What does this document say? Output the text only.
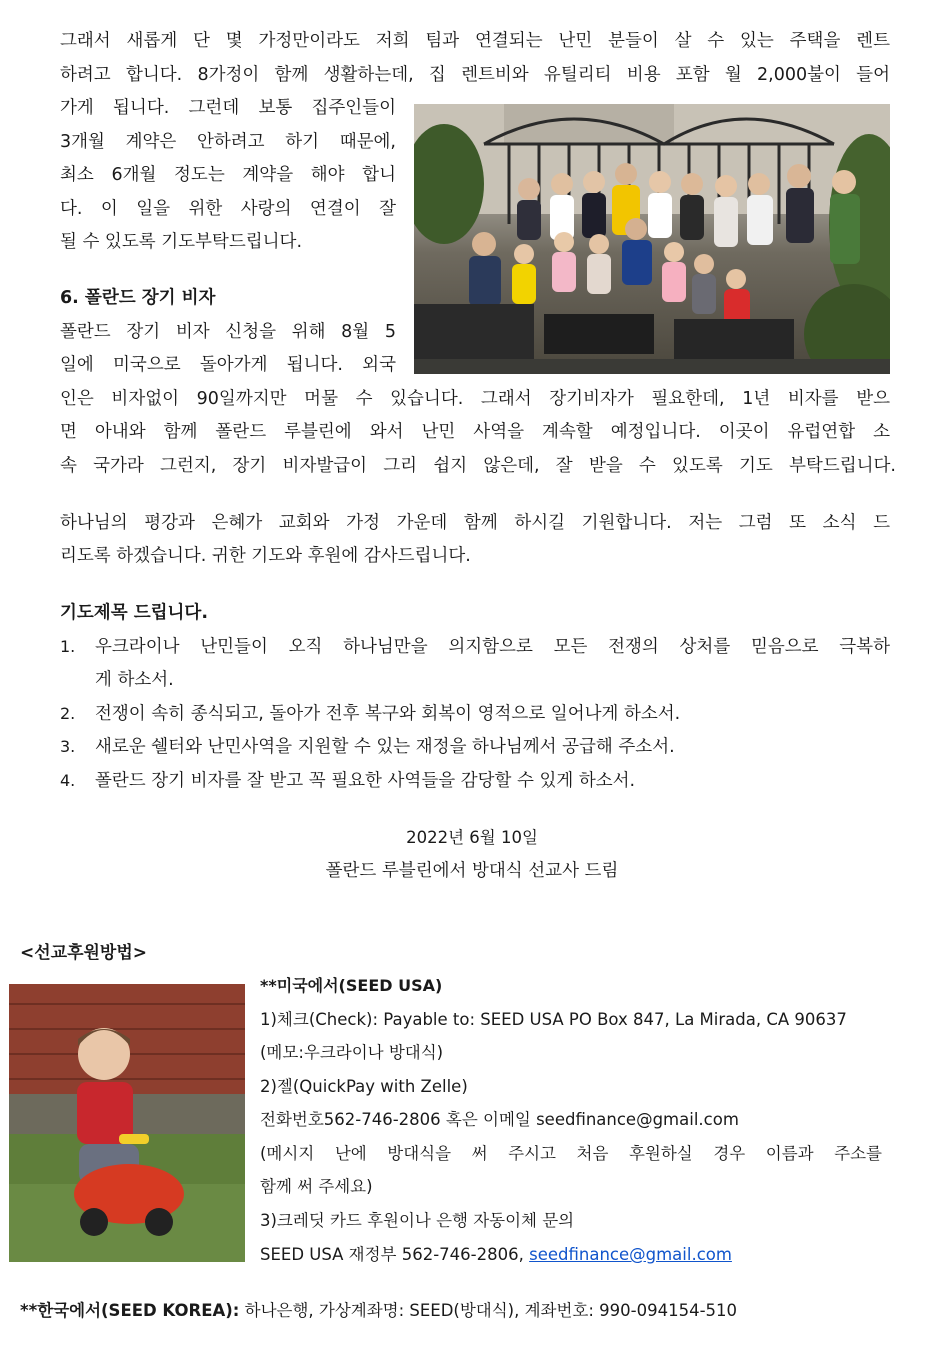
그래서 새롭게 단 몇 가정만이라도 저희 팀과 연결되는 난민 분들이 살 수 있는 주택을 렌트
하려고 합니다. 8가정이 함께 생활하는데, 집 렌트비와 유틸리티 비용 포함 월 2,000불이 들어
가게 됩니다. 그런데 보통 집주인들이
3개월 계약은 안하려고 하기 때문에,
최소 6개월 정도는 계약을 해야 합니
다. 이 일을 위한 사랑의 연결이 잘
될 수 있도록 기도부탁드립니다.
6. 폴란드 장기 비자
폴란드 장기 비자 신청을 위해 8월 5
일에 미국으로 돌아가게 됩니다. 외국
인은 비자없이 90일까지만 머물 수 있습니다. 그래서 장기비자가 필요한데, 1년 비자를 받으
면 아내와 함께 폴란드 루블린에 와서 난민 사역을 계속할 예정입니다. 이곳이 유럽연합 소
속 국가라 그런지, 장기 비자발급이 그리 쉽지 않은데, 잘 받을 수 있도록 기도 부탁드립니다.
하나님의 평강과 은혜가 교회와 가정 가운데 함께 하시길 기원합니다. 저는 그럼 또 소식 드
리도록 하겠습니다. 귀한 기도와 후원에 감사드립니다.
기도제목 드립니다.
1. 우크라이나 난민들이 오직 하나님만을 의지함으로 모든 전쟁의 상처를 믿음으로 극복하
게 하소서.
2. 전쟁이 속히 종식되고, 돌아가 전후 복구와 회복이 영적으로 일어나게 하소서.
3. 새로운 쉘터와 난민사역을 지원할 수 있는 재정을 하나님께서 공급해 주소서.
4. 폴란드 장기 비자를 잘 받고 꼭 필요한 사역들을 감당할 수 있게 하소서.
2022년 6월 10일
폴란드 루블린에서 방대식 선교사 드림
<선교후원방법>
**미국에서(SEED USA)
1)체크(Check): Payable to: SEED USA PO Box 847, La Mirada, CA 90637
(메모:우크라이나 방대식)
2)젤(QuickPay with Zelle)
전화번호562-746-2806 혹은 이메일 seedfinance@gmail.com
(메시지 난에 방대식을 써 주시고 처음 후원하실 경우 이름과 주소를
함께 써 주세요)
3)크레딧 카드 후원이나 은행 자동이체 문의
SEED USA 재정부 562-746-2806, seedfinance@gmail.com
**한국에서(SEED KOREA): 하나은행, 가상계좌명: SEED(방대식), 계좌번호: 990-094154-510
